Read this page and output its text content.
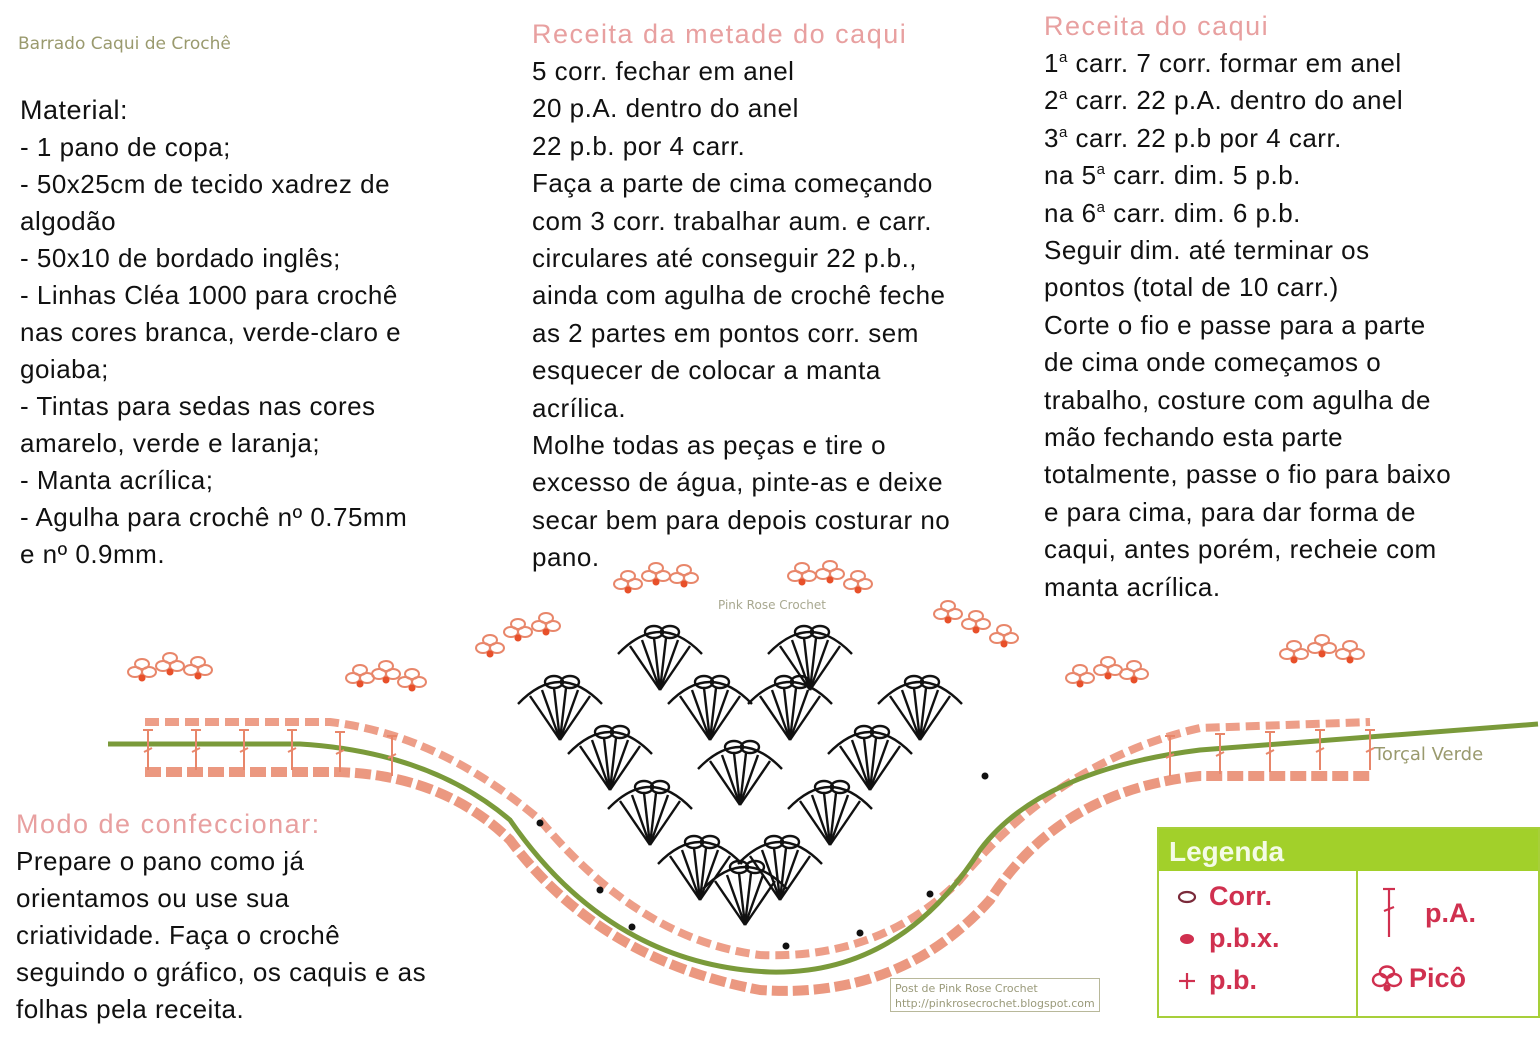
Barrado Caqui de Crochê
Material:
- 1 pano de copa;
- 50x25cm de tecido xadrez de
algodão
- 50x10 de bordado inglês;
- Linhas Cléa 1000 para crochê
nas cores branca, verde-claro e
goiaba;
- Tintas para sedas nas cores
amarelo, verde e laranja;
- Manta acrílica;
- Agulha para crochê nº 0.75mm
e nº 0.9mm.
Receita da metade do caqui
5 corr. fechar em anel
20 p.A. dentro do anel
22 p.b. por 4 carr.
Faça a parte de cima começando
com 3 corr. trabalhar aum. e carr.
circulares até conseguir 22 p.b.,
ainda com agulha de crochê feche
as 2 partes em pontos corr. sem
esquecer de colocar a manta
acrílica.
Molhe todas as peças e tire o
excesso de água, pinte-as e deixe
secar bem para depois costurar no
pano.
Receita do caqui
1$^a$ carr. 7 corr. formar em anel
2$^a$ carr. 22 p.A. dentro do anel
3$^a$ carr. 22 p.b por 4 carr.
na 5$^a$ carr. dim. 5 p.b.
na 6$^a$ carr. dim. 6 p.b.
Seguir dim. até terminar os
pontos (total de 10 carr.)
Corte o fio e passe para a parte
de cima onde começamos o
trabalho, costure com agulha de
mão fechando esta parte
totalmente, passe o fio para baixo
e para cima, para dar forma de
caqui, antes porém, recheie com
manta acrílica.
Pink Rose Crochet
Torçal Verde
Modo de confeccionar:
Prepare o pano como já
orientamos ou use sua
criatividade. Faça o crochê
seguindo o gráfico, os caquis e as
folhas pela receita.
Post de Pink Rose Crochet
http://pinkrosecrochet.blogspot.com
Legenda
Corr.
p.b.x.
p.b.
p.A.
Picô
